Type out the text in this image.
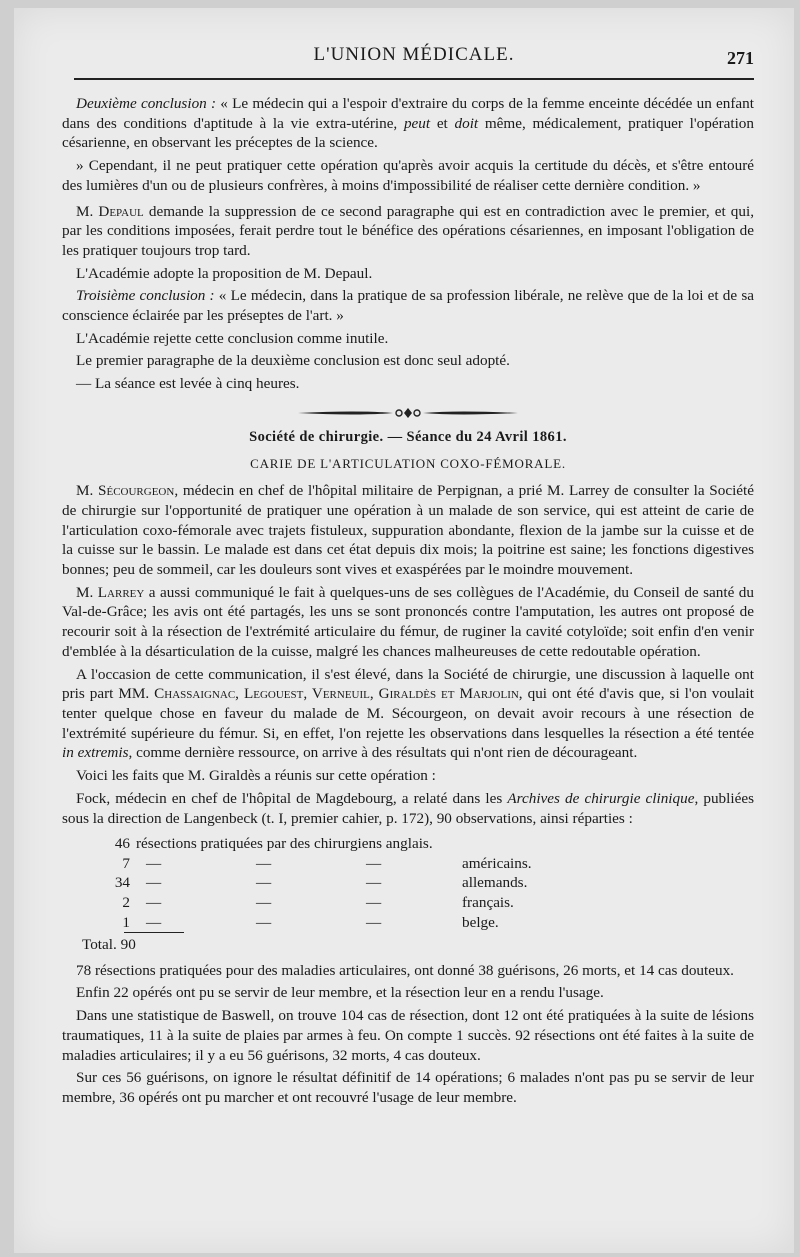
L'UNION MÉDICALE.	271

Deuxième conclusion : « Le médecin qui a l'espoir d'extraire du corps de la femme enceinte décédée un enfant dans des conditions d'aptitude à la vie extra-utérine, peut et doit même, médicalement, pratiquer l'opération césarienne, en observant les préceptes de la science.

» Cependant, il ne peut pratiquer cette opération qu'après avoir acquis la certitude du décès, et s'être entouré des lumières d'un ou de plusieurs confrères, à moins d'impossibilité de réaliser cette dernière condition. »

M. Depaul demande la suppression de ce second paragraphe qui est en contradiction avec le premier, et qui, par les conditions imposées, ferait perdre tout le bénéfice des opérations césariennes, en imposant l'obligation de les pratiquer toujours trop tard.

L'Académie adopte la proposition de M. Depaul.

Troisième conclusion : « Le médecin, dans la pratique de sa profession libérale, ne relève que de la loi et de sa conscience éclairée par les préseptes de l'art. »

L'Académie rejette cette conclusion comme inutile.

Le premier paragraphe de la deuxième conclusion est donc seul adopté.

— La séance est levée à cinq heures.

Société de chirurgie. — Séance du 24 Avril 1861.
CARIE DE L'ARTICULATION COXO-FÉMORALE.

M. Sécourgeon, médecin en chef de l'hôpital militaire de Perpignan, a prié M. Larrey de consulter la Société de chirurgie sur l'opportunité de pratiquer une opération à un malade de son service, qui est atteint de carie de l'articulation coxo-fémorale avec trajets fistuleux, suppuration abondante, flexion de la jambe sur la cuisse et de la cuisse sur le bassin. Le malade est dans cet état depuis dix mois; la poitrine est saine; les fonctions digestives bonnes; peu de sommeil, car les douleurs sont vives et exaspérées par le moindre mouvement.

M. Larrey a aussi communiqué le fait à quelques-uns de ses collègues de l'Académie, du Conseil de santé du Val-de-Grâce; les avis ont été partagés, les uns se sont prononcés contre l'amputation, les autres ont proposé de recourir soit à la résection de l'extrémité articulaire du fémur, de ruginer la cavité cotyloïde; soit enfin d'en venir d'emblée à la désarticulation de la cuisse, malgré les chances malheureuses de cette redoutable opération.

A l'occasion de cette communication, il s'est élevé, dans la Société de chirurgie, une discussion à laquelle ont pris part MM. Chassaignac, Legouest, Verneuil, Giraldès et Marjolin, qui ont été d'avis que, si l'on voulait tenter quelque chose en faveur du malade de M. Sécourgeon, on devait avoir recours à une résection de l'extrémité supérieure du fémur. Si, en effet, l'on rejette les observations dans lesquelles la résection a été tentée in extremis, comme dernière ressource, on arrive à des résultats qui n'ont rien de décourageant.

Voici les faits que M. Giraldès a réunis sur cette opération :

Fock, médecin en chef de l'hôpital de Magdebourg, a relaté dans les Archives de chirurgie clinique, publiées sous la direction de Langenbeck (t. I, premier cahier, p. 172), 90 observations, ainsi réparties :

46 résections pratiquées par des chirurgiens anglais.
7 —	—	—	américains.
34 —	—	—	allemands.
2 —	—	—	français.
1 —	—	—	belge.
Total. 90

78 résections pratiquées pour des maladies articulaires, ont donné 38 guérisons, 26 morts, et 14 cas douteux.

Enfin 22 opérés ont pu se servir de leur membre, et la résection leur en a rendu l'usage.

Dans une statistique de Baswell, on trouve 104 cas de résection, dont 12 ont été pratiquées à la suite de lésions traumatiques, 11 à la suite de plaies par armes à feu. On compte 1 succès. 92 résections ont été faites à la suite de maladies articulaires; il y a eu 56 guérisons, 32 morts, 4 cas douteux.

Sur ces 56 guérisons, on ignore le résultat définitif de 14 opérations; 6 malades n'ont pas pu se servir de leur membre, 36 opérés ont pu marcher et ont recouvré l'usage de leur membre.
